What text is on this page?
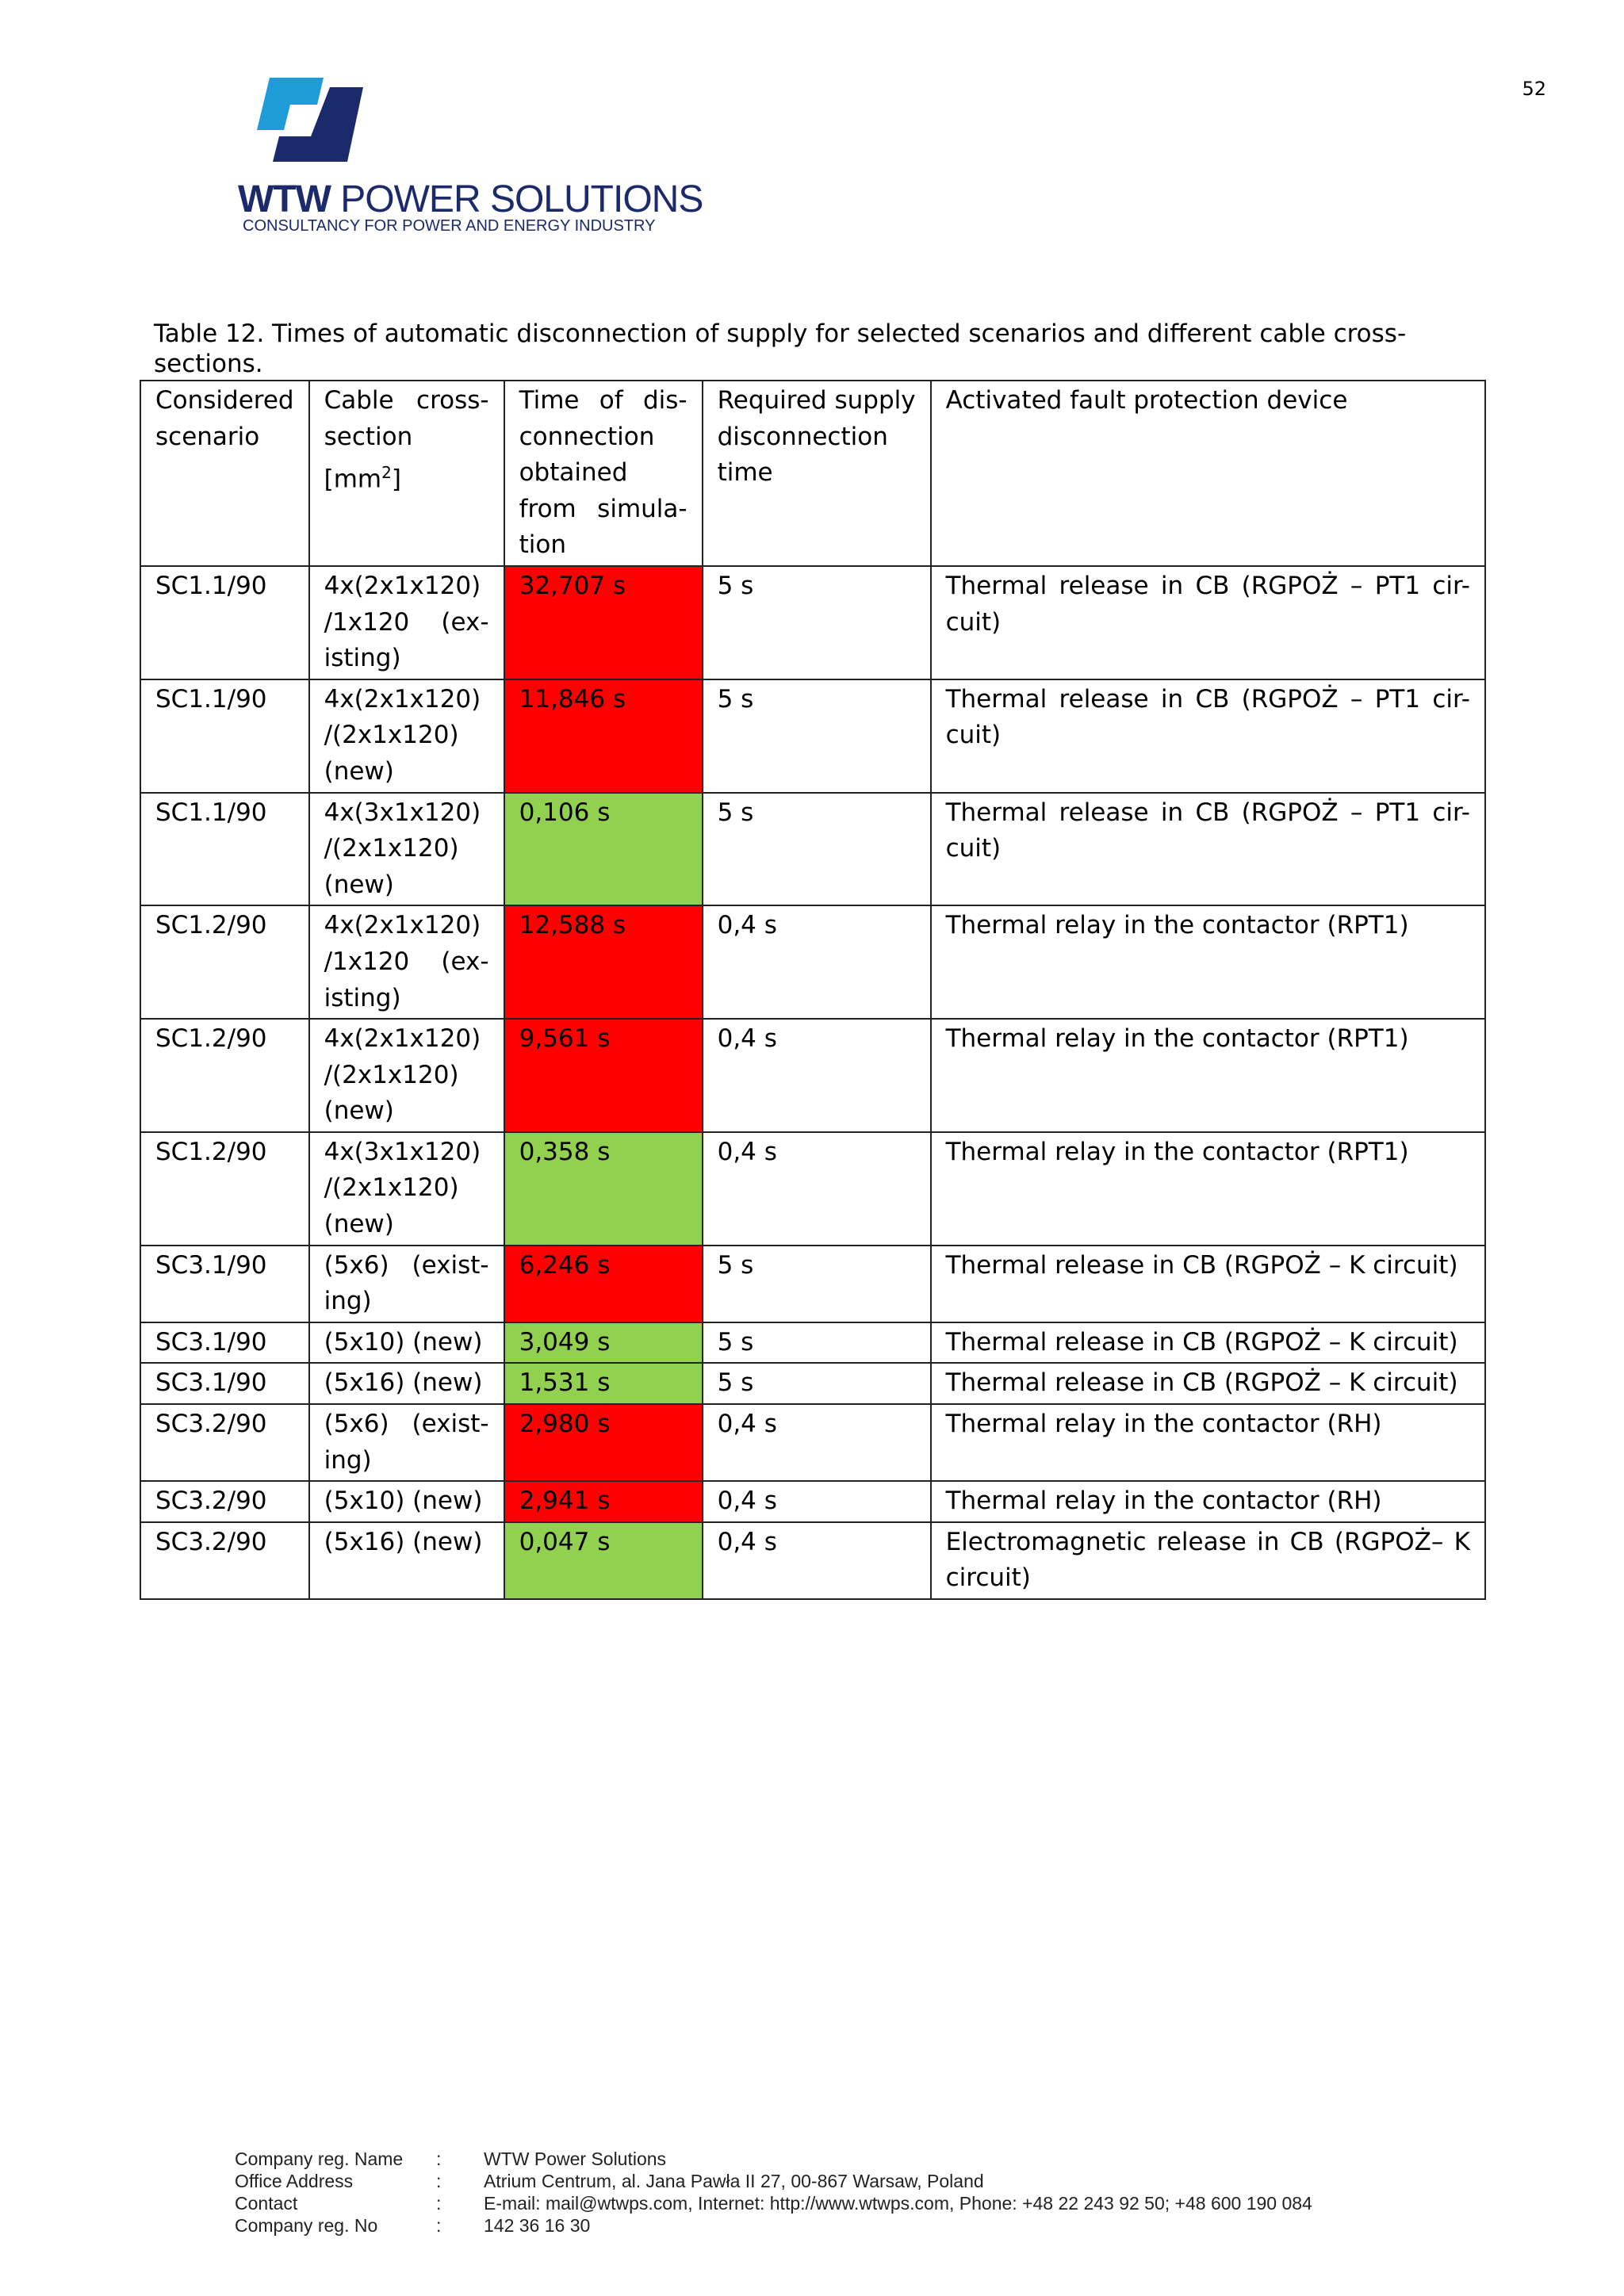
52
WTW POWER SOLUTIONS
CONSULTANCY FOR POWER AND ENERGY INDUSTRY
Table 12. Times of automatic disconnection of supply for selected scenarios and different cable cross-sections.
Considered scenario	Cable cross-section $[mm^2]$	Time of dis-connection obtained from simula-tion	Required supply disconnection time	Activated fault protection device
SC1.1/90	4x(2x1x120) /1x120 (ex-isting)	32,707 s	5 s	Thermal release in CB (RGPOŻ – PT1 cir-cuit)
SC1.1/90	4x(2x1x120) /(2x1x120) (new)	11,846 s	5 s	Thermal release in CB (RGPOŻ – PT1 cir-cuit)
SC1.1/90	4x(3x1x120) /(2x1x120) (new)	0,106 s	5 s	Thermal release in CB (RGPOŻ – PT1 cir-cuit)
SC1.2/90	4x(2x1x120) /1x120 (ex-isting)	12,588 s	0,4 s	Thermal relay in the contactor (RPT1)
SC1.2/90	4x(2x1x120) /(2x1x120) (new)	9,561 s	0,4 s	Thermal relay in the contactor (RPT1)
SC1.2/90	4x(3x1x120) /(2x1x120) (new)	0,358 s	0,4 s	Thermal relay in the contactor (RPT1)
SC3.1/90	(5x6) (exist-ing)	6,246 s	5 s	Thermal release in CB (RGPOŻ – K circuit)
SC3.1/90	(5x10) (new)	3,049 s	5 s	Thermal release in CB (RGPOŻ – K circuit)
SC3.1/90	(5x16) (new)	1,531 s	5 s	Thermal release in CB (RGPOŻ – K circuit)
SC3.2/90	(5x6) (exist-ing)	2,980 s	0,4 s	Thermal relay in the contactor (RH)
SC3.2/90	(5x10) (new)	2,941 s	0,4 s	Thermal relay in the contactor (RH)
SC3.2/90	(5x16) (new)	0,047 s	0,4 s	Electromagnetic release in CB (RGPOŻ– K circuit)
Company reg. Name	:	WTW Power Solutions
Office Address	:	Atrium Centrum, al. Jana Pawła II 27, 00-867 Warsaw, Poland
Contact	:	E-mail: mail@wtwps.com, Internet: http://www.wtwps.com, Phone: +48 22 243 92 50; +48 600 190 084
Company reg. No	:	142 36 16 30
